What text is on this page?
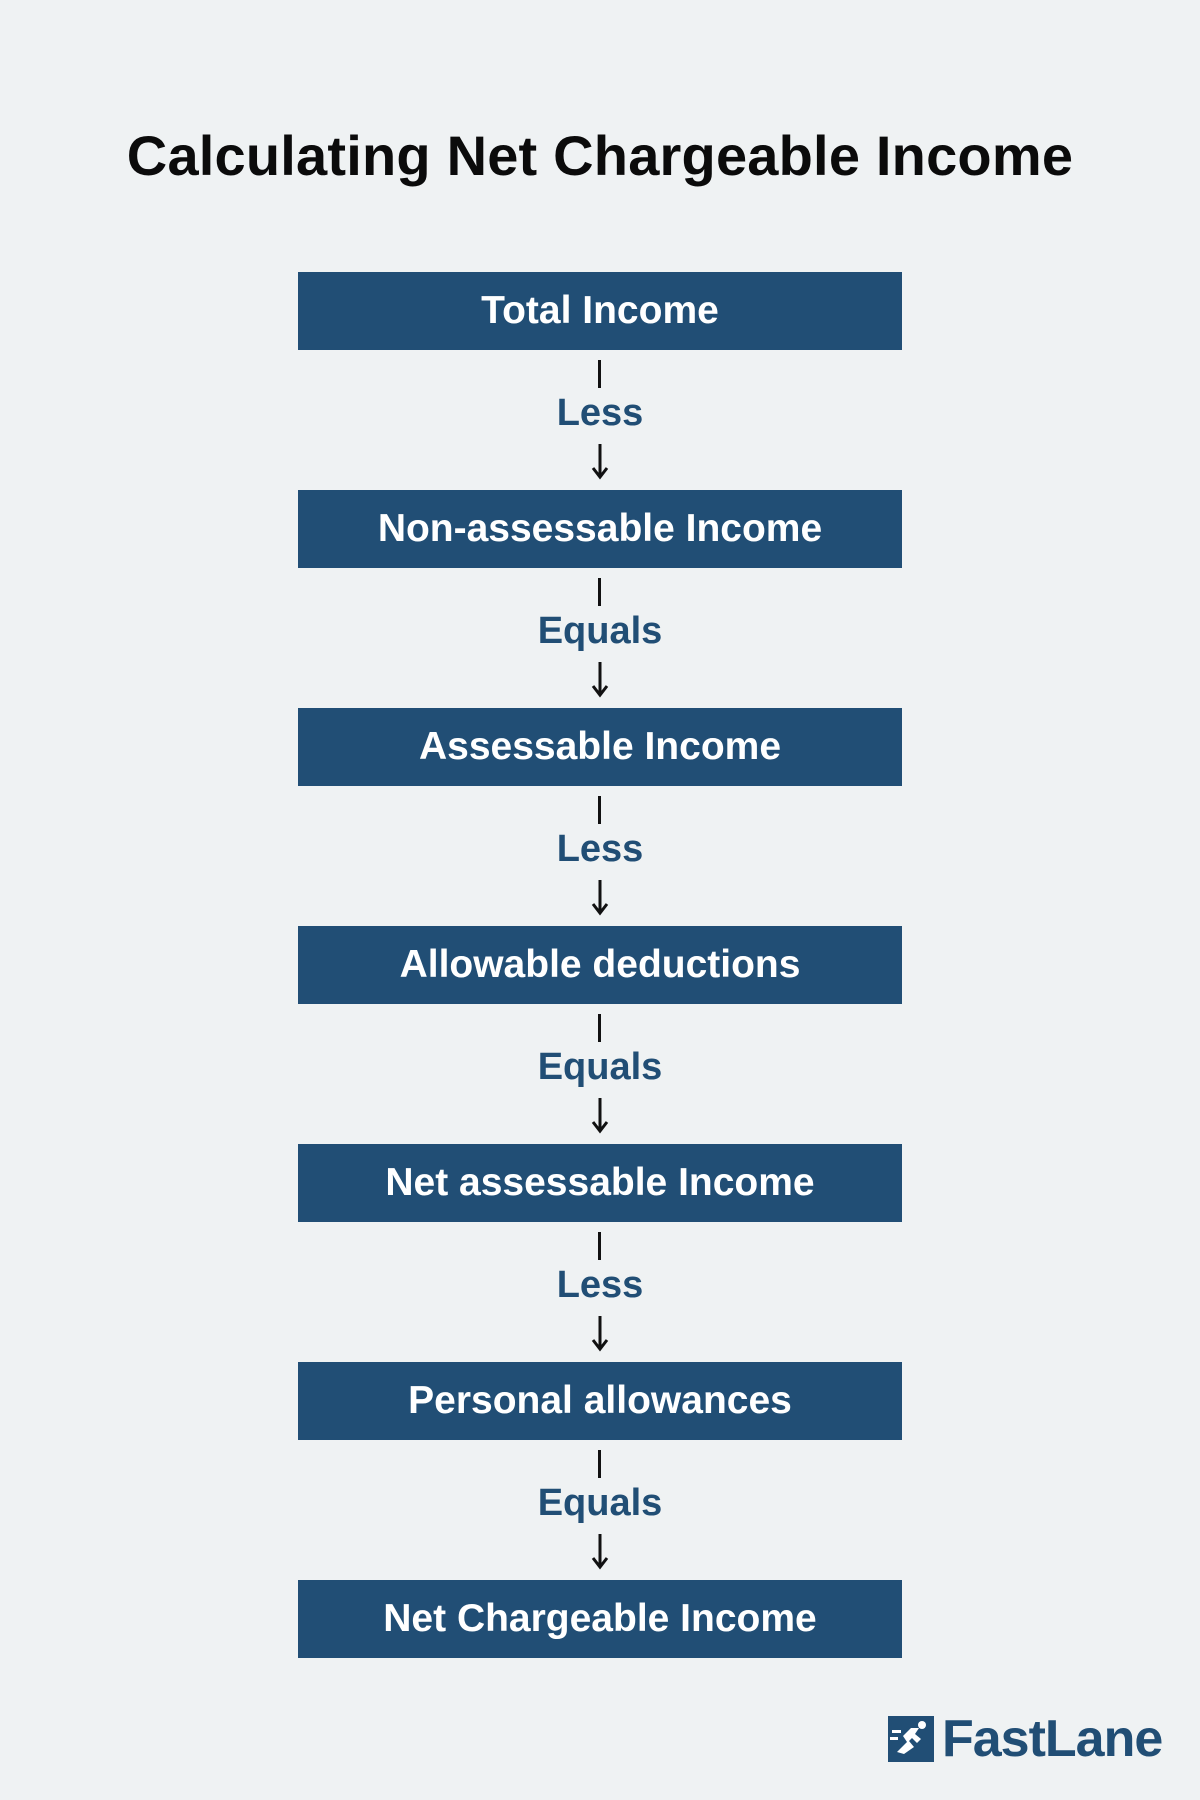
Calculating Net Chargeable Income
Total Income
Less
Non-assessable Income
Equals
Assessable Income
Less
Allowable deductions
Equals
Net assessable Income
Less
Personal allowances
Equals
Net Chargeable Income
FastLane
